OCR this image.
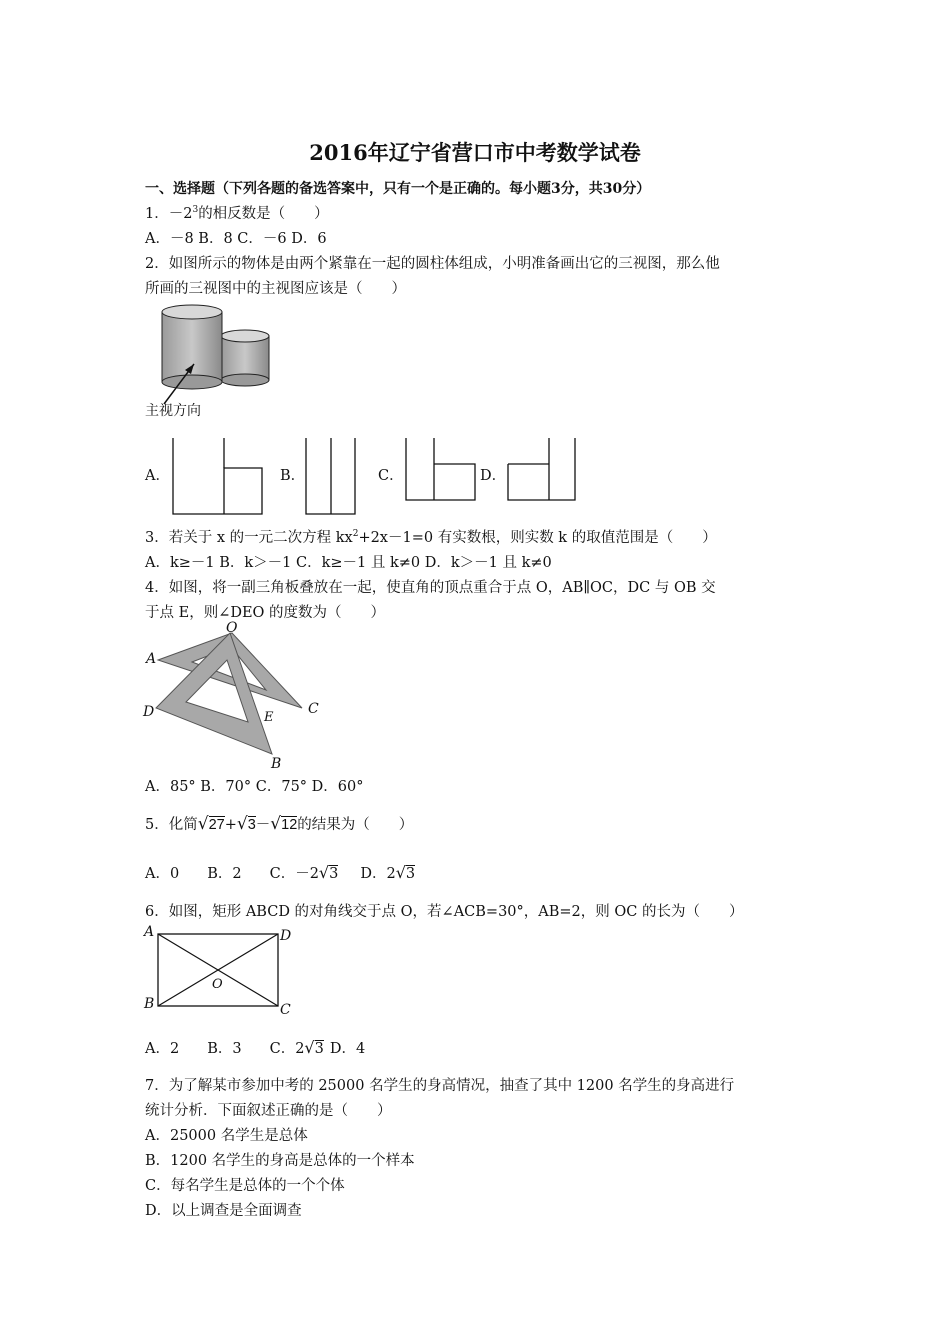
2016年辽宁省营口市中考数学试卷
一、选择题（下列各题的备选答案中，只有一个是正确的。每小题3分，共30分）
1．$-2^3$的相反数是（　　）
A．－8 B．8 C．－6 D．6
2．如图所示的物体是由两个紧靠在一起的圆柱体组成，小明准备画出它的三视图，那么他
所画的三视图中的主视图应该是（　　）
主视方向
A．	B．	C．	D．
3．若关于 x 的一元二次方程 $kx^2+2x-1=0$ 有实数根，则实数 k 的取值范围是（　　）
A．k≥－1 B．k＞－1 C．k≥－1 且 k≠0 D．k＞－1 且 k≠0
4．如图，将一副三角板叠放在一起，使直角的顶点重合于点 O，AB∥OC，DC 与 OB 交
于点 E，则∠DEO 的度数为（　　）
O
A
D	C
E
B
A．85° B．70° C．75° D．60°
5．化简√27+√3－√12的结果为（　　）
A．0 B．2 C．－2√3 D．2√3
6．如图，矩形 ABCD 的对角线交于点 O，若∠ACB=30°，AB=2，则 OC 的长为（　　）
A	D
B	C
O
A．2 B．3 C．2√3 D．4
7．为了解某市参加中考的 25000 名学生的身高情况，抽查了其中 1200 名学生的身高进行
统计分析．下面叙述正确的是（　　）
A．25000 名学生是总体
B．1200 名学生的身高是总体的一个样本
C．每名学生是总体的一个个体
D．以上调查是全面调查
